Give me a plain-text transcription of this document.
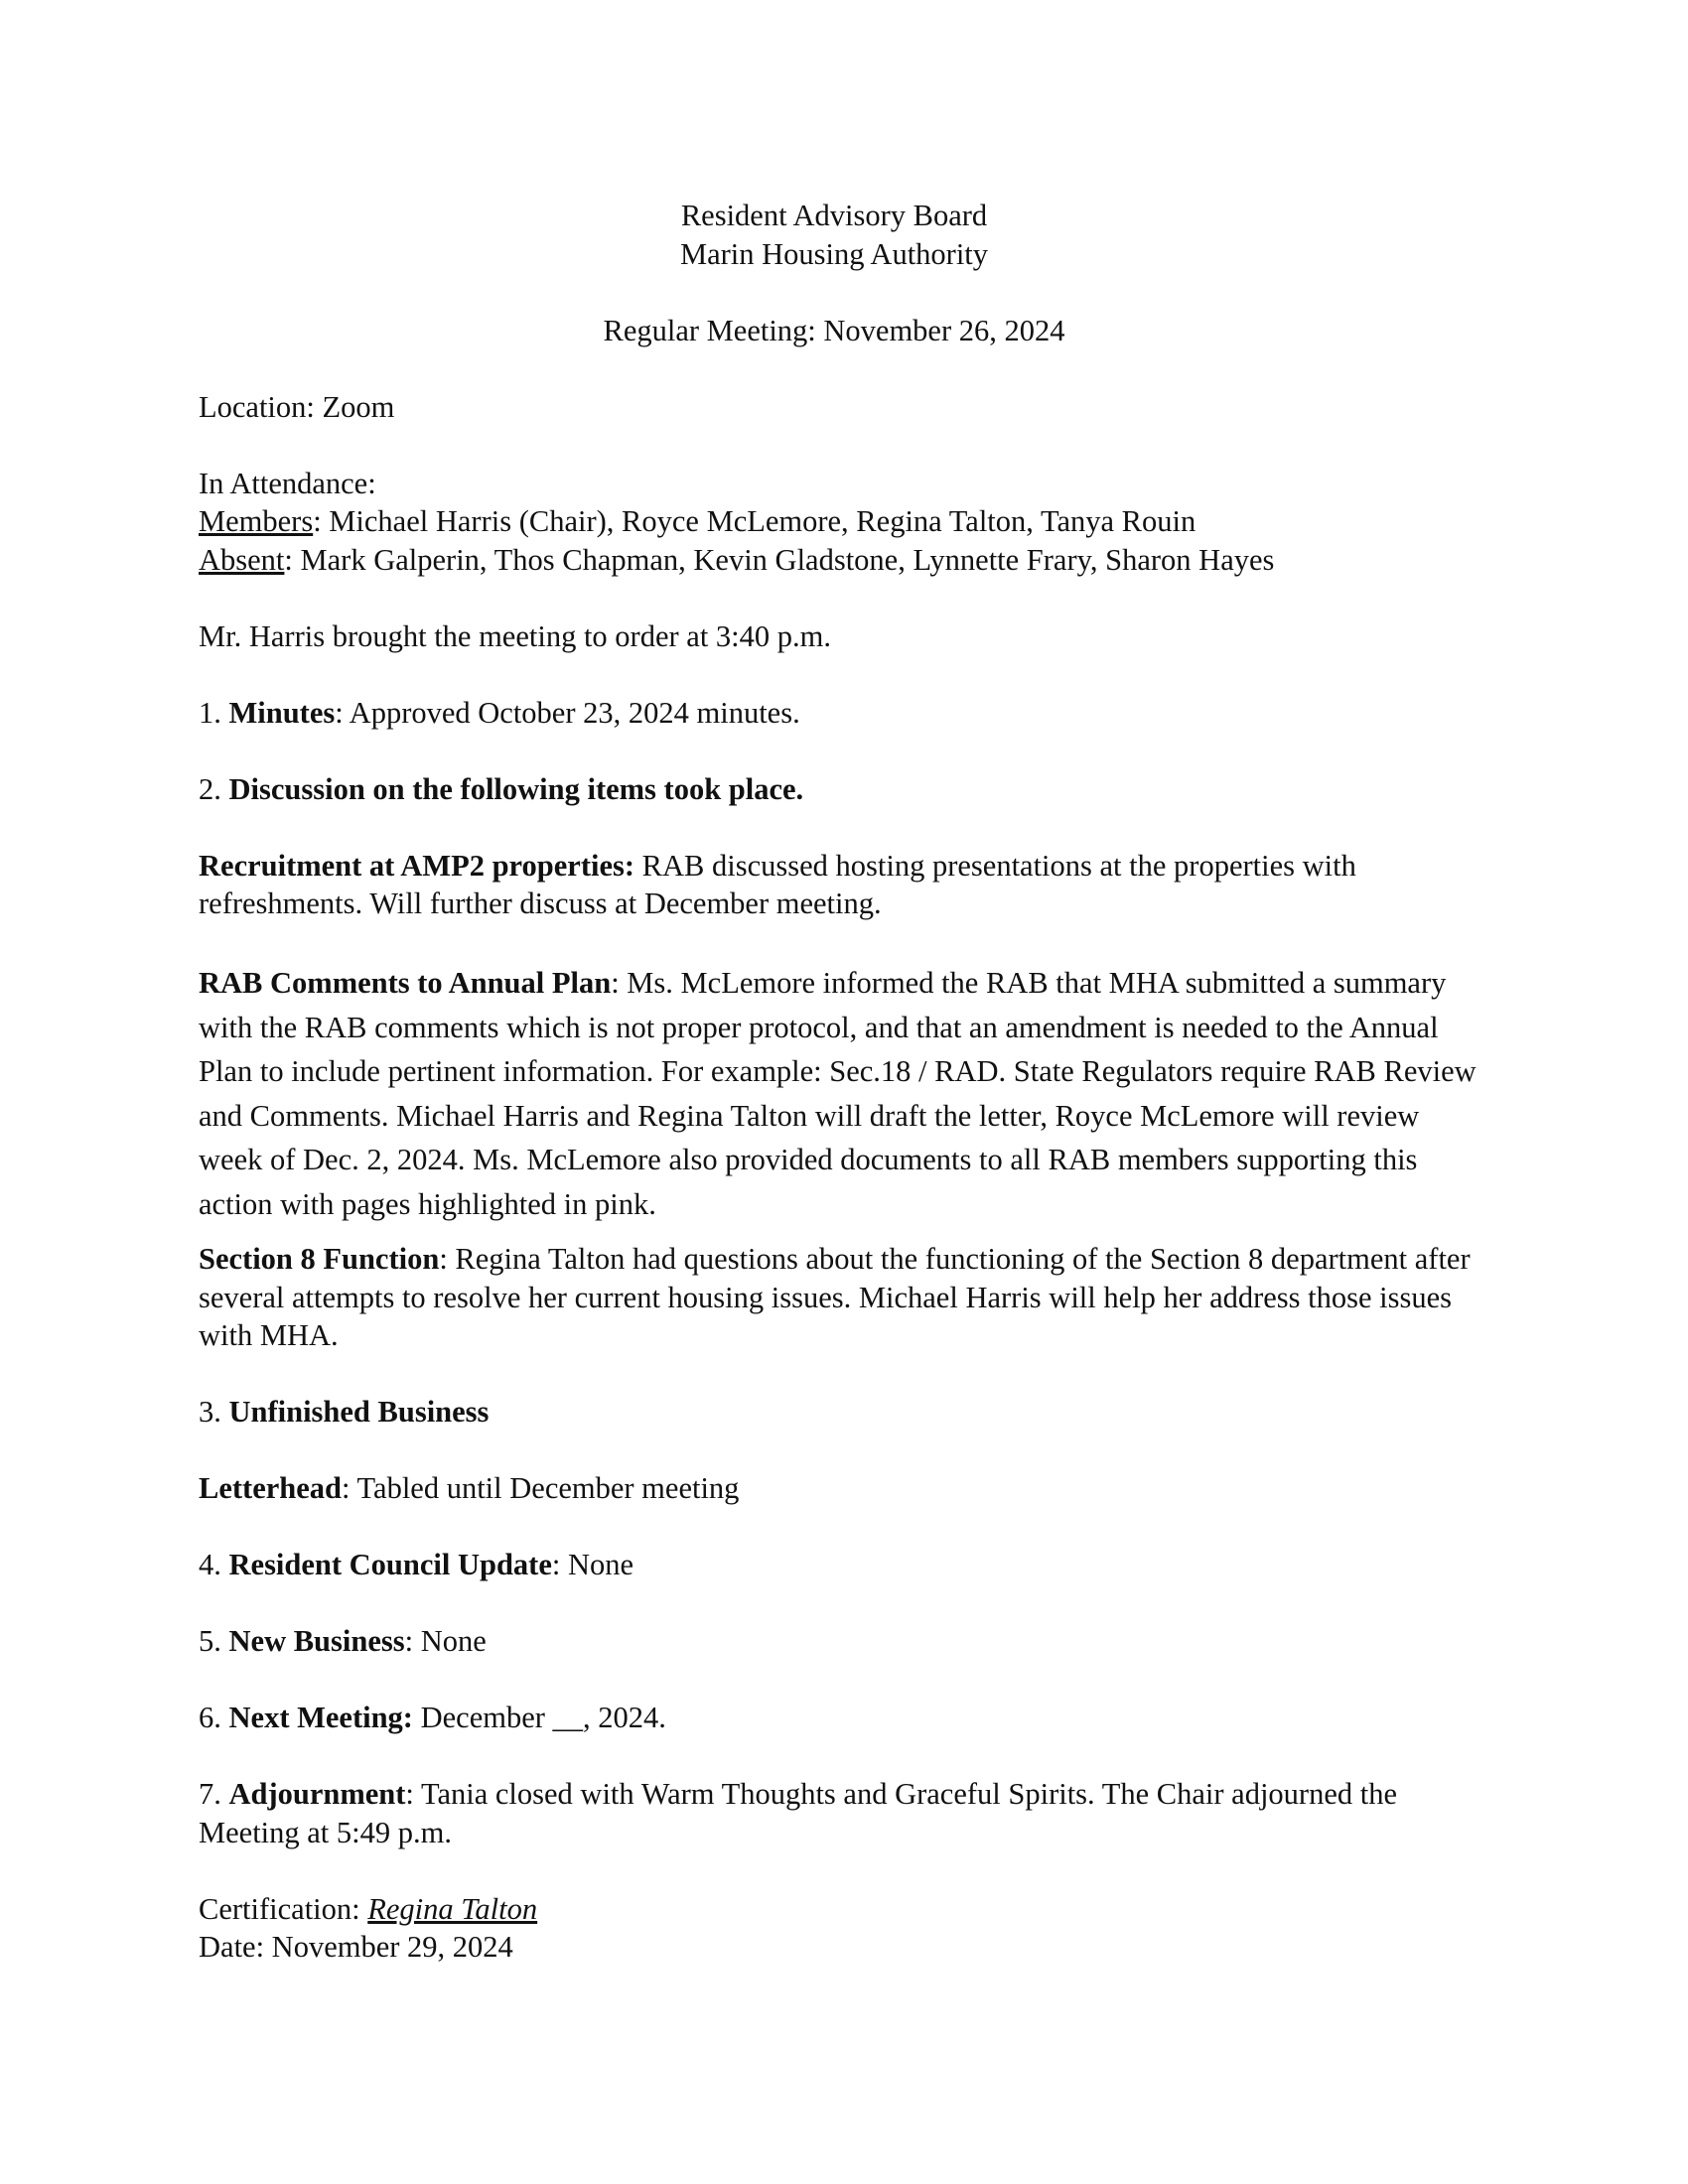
Resident Advisory Board

Marin Housing Authority

Regular Meeting: November 26, 2024

Location: Zoom

In Attendance:

Members: Michael Harris (Chair), Royce McLemore, Regina Talton, Tanya Rouin

Absent: Mark Galperin, Thos Chapman, Kevin Gladstone, Lynnette Frary, Sharon Hayes

Mr. Harris brought the meeting to order at 3:40 p.m.

1. Minutes: Approved October 23, 2024 minutes.

2. Discussion on the following items took place.

Recruitment at AMP2 properties: RAB discussed hosting presentations at the properties with refreshments. Will further discuss at December meeting.

RAB Comments to Annual Plan: Ms. McLemore informed the RAB that MHA submitted a summary with the RAB comments which is not proper protocol, and that an amendment is needed to the Annual Plan to include pertinent information. For example: Sec.18 / RAD. State Regulators require RAB Review and Comments. Michael Harris and Regina Talton will draft the letter, Royce McLemore will review week of Dec. 2, 2024. Ms. McLemore also provided documents to all RAB members supporting this action with pages highlighted in pink.

Section 8 Function: Regina Talton had questions about the functioning of the Section 8 department after several attempts to resolve her current housing issues. Michael Harris will help her address those issues with MHA.

3. Unfinished Business

Letterhead: Tabled until December meeting

4. Resident Council Update: None

5. New Business: None

6. Next Meeting: December __, 2024.

7. Adjournment: Tania closed with Warm Thoughts and Graceful Spirits. The Chair adjourned the Meeting at 5:49 p.m.

Certification: Regina Talton

Date: November 29, 2024
